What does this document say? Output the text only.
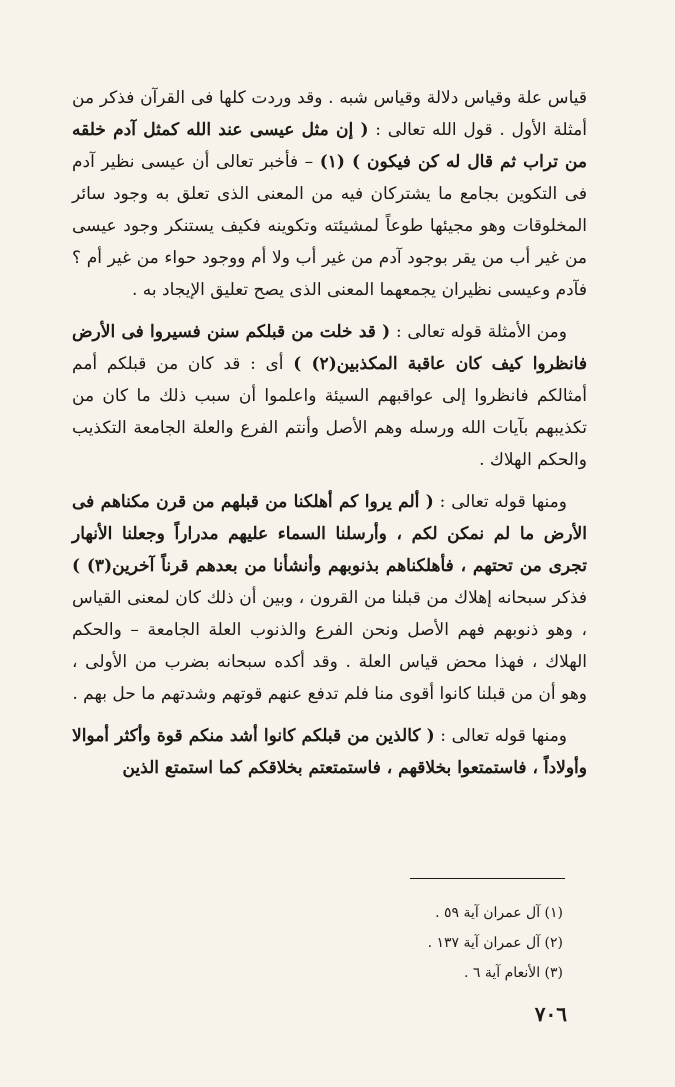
قياس علة وقياس دلالة وقياس شبه . وقد وردت كلها فى القرآن فذكر من أمثلة الأول . قول الله تعالى : ( إن مثل عيسى عند الله كمثل آدم خلقه من تراب ثم قال له كن فيكون ) (١) – فأخبر تعالى أن عيسى نظير آدم فى التكوين بجامع ما يشتركان فيه من المعنى الذى تعلق به وجود سائر المخلوقات وهو مجيئها طوعاً لمشيئته وتكوينه فكيف يستنكر وجود عيسى من غير أب من يقر بوجود آدم من غير أب ولا أم ووجود حواء من غير أم ؟ فآدم وعيسى نظيران يجمعهما المعنى الذى يصح تعليق الإيجاد به .

ومن الأمثلة قوله تعالى : ( قد خلت من قبلكم سنن فسيروا فى الأرض فانظروا كيف كان عاقبة المكذبين(٢) ) أى : قد كان من قبلكم أمم أمثالكم فانظروا إلى عواقبهم السيئة واعلموا أن سبب ذلك ما كان من تكذيبهم بآيات الله ورسله وهم الأصل وأنتم الفرع والعلة الجامعة التكذيب والحكم الهلاك .

ومنها قوله تعالى : ( ألم يروا كم أهلكنا من قبلهم من قرن مكناهم فى الأرض ما لم نمكن لكم ، وأرسلنا السماء عليهم مدراراً وجعلنا الأنهار تجرى من تحتهم ، فأهلكناهم بذنوبهم وأنشأنا من بعدهم قرناً آخرين(٣) ) فذكر سبحانه إهلاك من قبلنا من القرون ، وبين أن ذلك كان لمعنى القياس ، وهو ذنوبهم فهم الأصل ونحن الفرع والذنوب العلة الجامعة – والحكم الهلاك ، فهذا محض قياس العلة . وقد أكده سبحانه بضرب من الأولى ، وهو أن من قبلنا كانوا أقوى منا فلم تدفع عنهم قوتهم وشدتهم ما حل بهم .

ومنها قوله تعالى : ( كالذين من قبلكم كانوا أشد منكم قوة وأكثر أموالا وأولاداً ، فاستمتعوا بخلاقهم ، فاستمتعتم بخلاقكم كما استمتع الذين

(١) آل عمران آية ٥٩ .
(٢) آل عمران آية ١٣٧ .
(٣) الأنعام آية ٦ .
٧٠٦
